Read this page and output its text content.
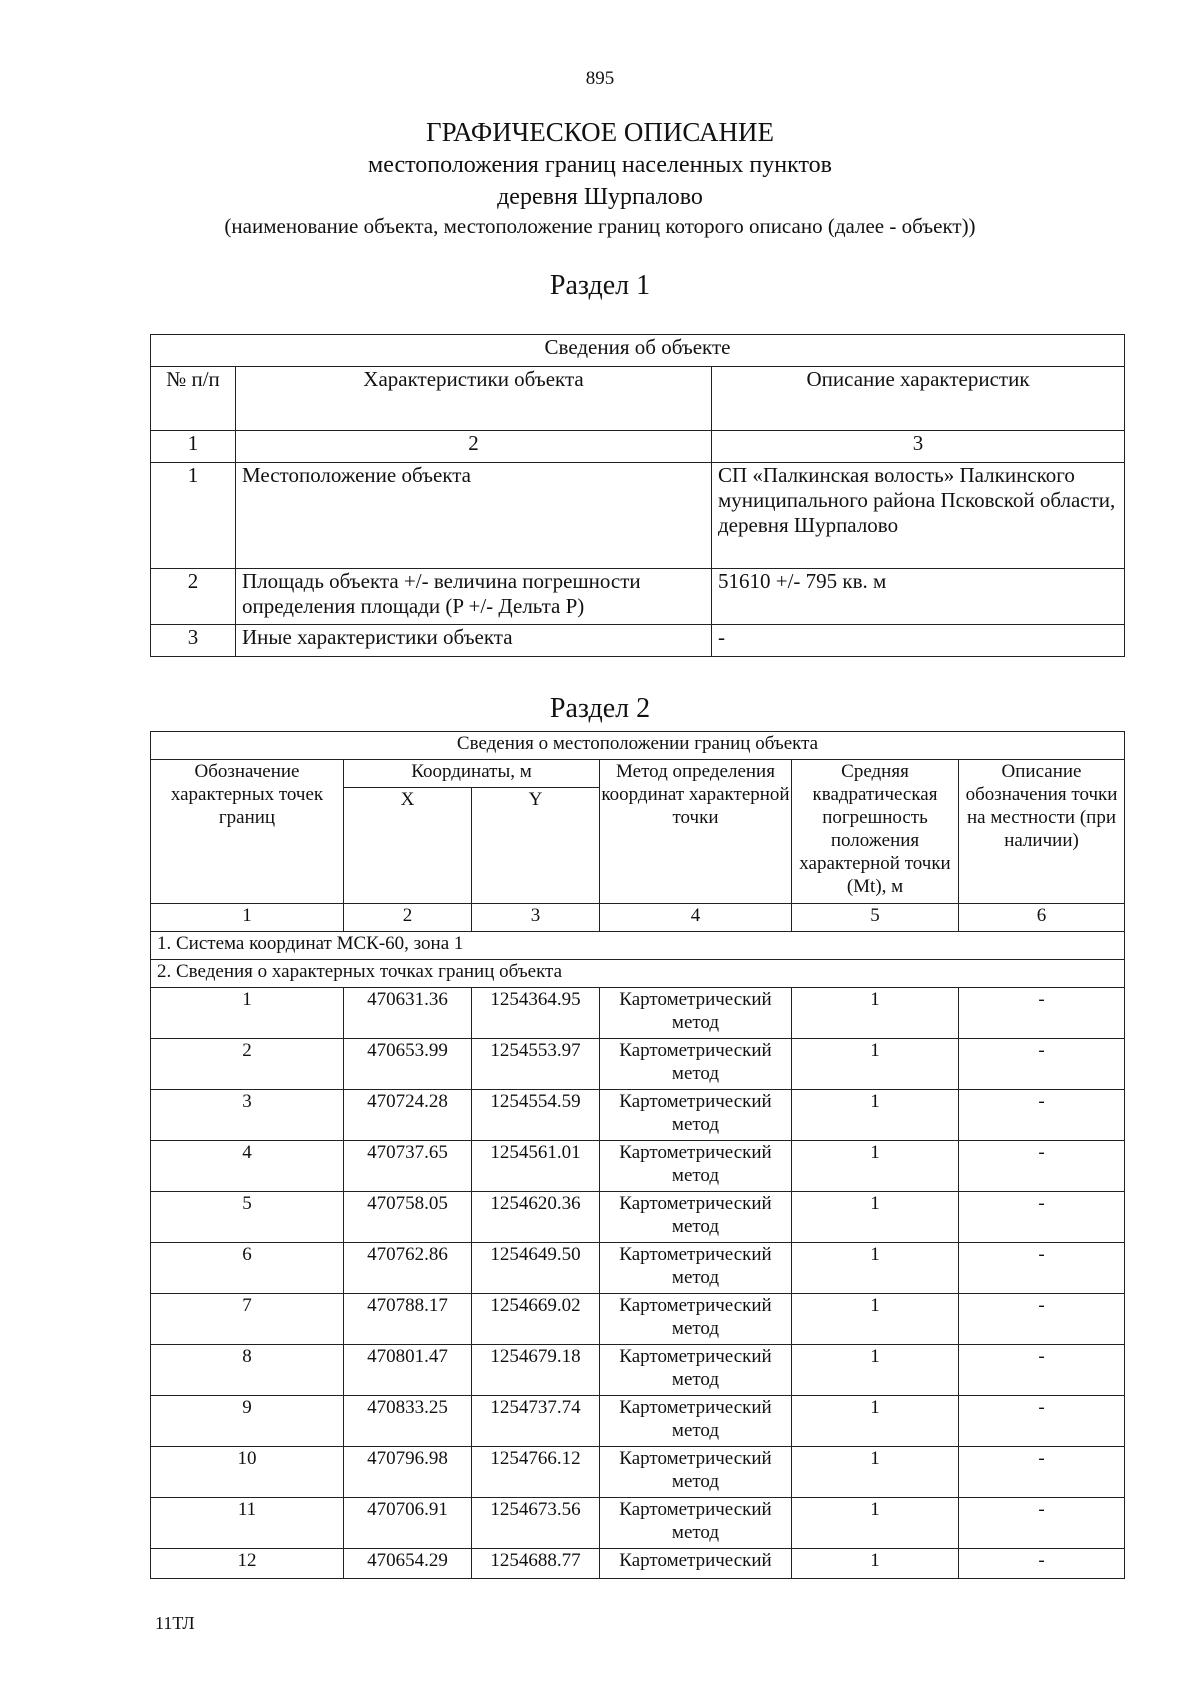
895
ГРАФИЧЕСКОЕ ОПИСАНИЕ
местоположения границ населенных пунктов
деревня Шурпалово
(наименование объекта, местоположение границ которого описано (далее - объект))
Раздел 1
Сведения об объекте		
№ п/п	Характеристики объекта	Описание характеристик
1	2	3
1	Местоположение объекта	СП «Палкинская волость» Палкинского муниципального района Псковской области, деревня Шурпалово
2	Площадь объекта +/- величина погрешности определения площади (P +/- Дельта P)	51610 +/- 795 кв. м
3	Иные характеристики объекта	-
Раздел 2
Сведения о местоположении границ объекта					
Обозначение характерных точек границ	Координаты, м		Метод определения координат характерной точки	Средняя квадратическая погрешность положения характерной точки (Mt), м	Описание обозначения точки на местности (при наличии)
	X	Y			
1	2	3	4	5	6
1. Система координат МСК-60, зона 1					
2. Сведения о характерных точках границ объекта					
1	470631.36	1254364.95	Картометрический метод	1	-
2	470653.99	1254553.97	Картометрический метод	1	-
3	470724.28	1254554.59	Картометрический метод	1	-
4	470737.65	1254561.01	Картометрический метод	1	-
5	470758.05	1254620.36	Картометрический метод	1	-
6	470762.86	1254649.50	Картометрический метод	1	-
7	470788.17	1254669.02	Картометрический метод	1	-
8	470801.47	1254679.18	Картометрический метод	1	-
9	470833.25	1254737.74	Картометрический метод	1	-
10	470796.98	1254766.12	Картометрический метод	1	-
11	470706.91	1254673.56	Картометрический метод	1	-
12	470654.29	1254688.77	Картометрический	1	-
11ТЛ
